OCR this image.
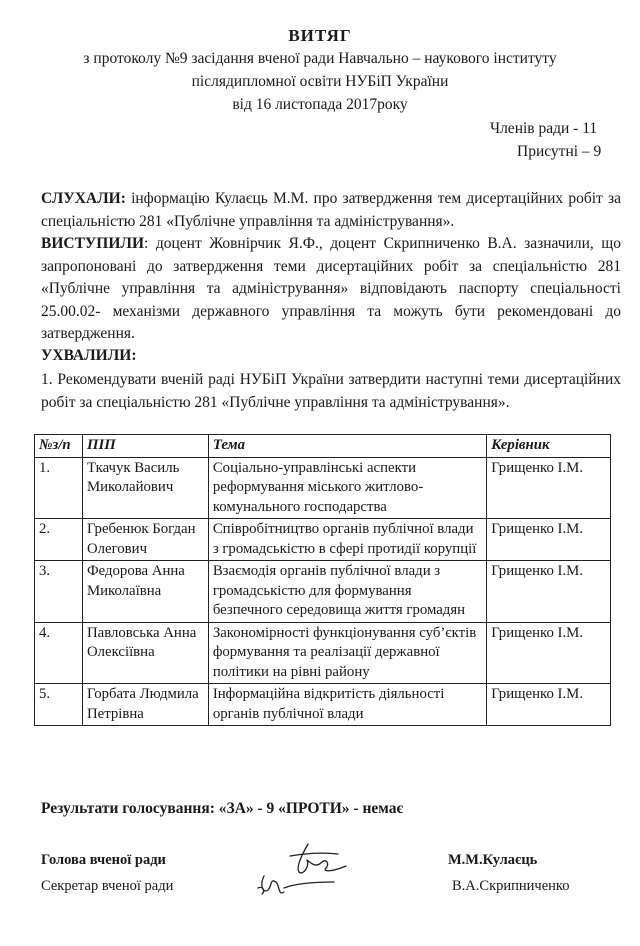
ВИТЯГ
з протоколу №9 засідання вченої ради Навчально – наукового інституту
післядипломної освіти НУБіП України
від 16 листопада 2017року
Членів ради - 11
Присутні – 9
СЛУХАЛИ: інформацію Кулаєць М.М. про затвердження тем дисертаційних робіт за спеціальністю 281 «Публічне управління та адміністрування».
ВИСТУПИЛИ: доцент Жовнірчик Я.Ф., доцент Скрипниченко В.А. зазначили, що запропоновані до затвердження теми дисертаційних робіт за спеціальністю 281 «Публічне управління та адміністрування» відповідають паспорту спеціальності 25.00.02- механізми державного управління та можуть бути рекомендовані до затвердження.
УХВАЛИЛИ:
1. Рекомендувати вченій раді НУБіП України затвердити наступні теми дисертаційних робіт за спеціальністю 281 «Публічне управління та адміністрування».
№з/п	ПІП	Тема	Керівник
1.	Ткачук Василь Миколайович	Соціально-управлінські аспекти реформування міського житлово-комунального господарства	Грищенко І.М.
2.	Гребенюк Богдан Олегович	Співробітництво органів публічної влади з громадськістю в сфері протидії корупції	Грищенко І.М.
3.	Федорова Анна Миколаївна	Взаємодія органів публічної влади з громадськістю для формування безпечного середовища життя громадян	Грищенко І.М.
4.	Павловська Анна Олексіївна	Закономірності функціонування суб’єктів формування та реалізації державної політики на рівні району	Грищенко І.М.
5.	Горбата Людмила Петрівна	Інформаційна відкритість діяльності органів публічної влади	Грищенко І.М.
Результати голосування: «ЗА» - 9 «ПРОТИ» - немає
Голова вченої ради	М.М.Кулаєць
Секретар вченої ради	В.А.Скрипниченко
